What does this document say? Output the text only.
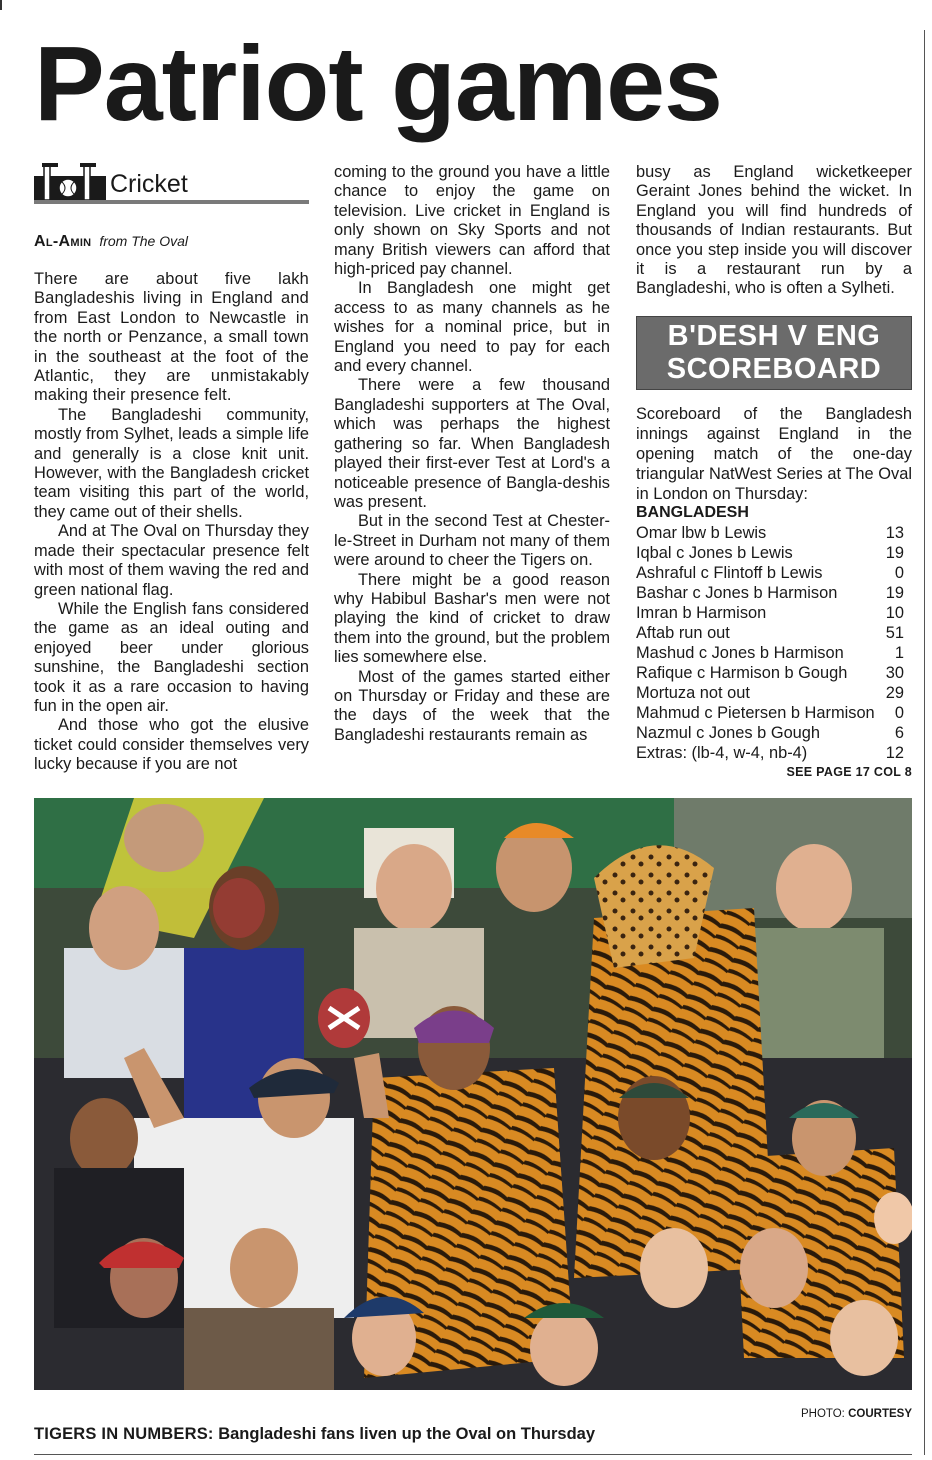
Patriot games
Cricket
Al-Amin from The Oval

There are about five lakh Bangladeshis living in England and from East London to Newcastle in the north or Penzance, a small town in the southeast at the foot of the Atlantic, they are unmistakably making their presence felt.

The Bangladeshi community, mostly from Sylhet, leads a simple life and generally is a close knit unit. However, with the Bangladesh cricket team visiting this part of the world, they came out of their shells.

And at The Oval on Thursday they made their spectacular presence felt with most of them waving the red and green national flag.

While the English fans considered the game as an ideal outing and enjoyed beer under glorious sunshine, the Bangladeshi section took it as a rare occasion to having fun in the open air.

And those who got the elusive ticket could consider themselves very lucky because if you are not

coming to the ground you have a little chance to enjoy the game on television. Live cricket in England is only shown on Sky Sports and not many British viewers can afford that high-priced pay channel.

In Bangladesh one might get access to as many channels as he wishes for a nominal price, but in England you need to pay for each and every channel.

There were a few thousand Bangladeshi supporters at The Oval, which was perhaps the highest gathering so far. When Bangladesh played their first-ever Test at Lord's a noticeable presence of Bangla-deshis was present.

But in the second Test at Chester-le-Street in Durham not many of them were around to cheer the Tigers on.

There might be a good reason why Habibul Bashar's men were not playing the kind of cricket to draw them into the ground, but the problem lies somewhere else.

Most of the games started either on Thursday or Friday and these are the days of the week that the Bangladeshi restaurants remain as

busy as England wicketkeeper Geraint Jones behind the wicket. In England you will find hundreds of thousands of Indian restaurants. But once you step inside you will discover it is a restaurant run by a Bangladeshi, who is often a Sylheti.

B'DESH V ENG
SCOREBOARD
Scoreboard of the Bangladesh innings against England in the opening match of the one-day triangular NatWest Series at The Oval in London on Thursday:
BANGLADESH
Omar lbw b Lewis	13
Iqbal c Jones b Lewis	19
Ashraful c Flintoff b Lewis	0
Bashar c Jones b Harmison	19
Imran b Harmison	10
Aftab run out	51
Mashud c Jones b Harmison	1
Rafique c Harmison b Gough 30
Mortuza not out	29
Mahmud c Pietersen b Harmison 0
Nazmul c Jones b Gough	6
Extras: (lb-4, w-4, nb-4)	12
SEE PAGE 17 COL 8
PHOTO: COURTESY
TIGERS IN NUMBERS: Bangladeshi fans liven up the Oval on Thursday
